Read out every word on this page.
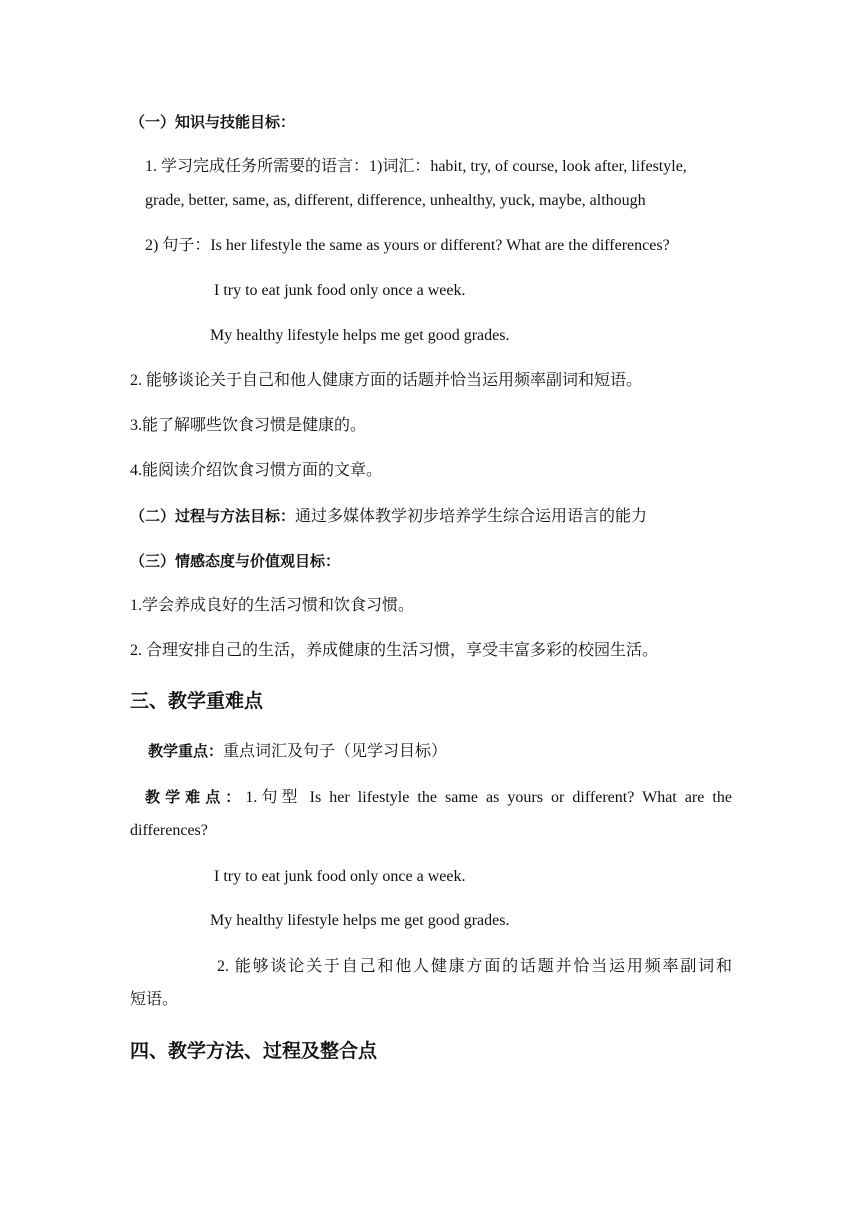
（一）知识与技能目标：
1. 学习完成任务所需要的语言：1)词汇：habit, try, of course, look after, lifestyle,
grade, better, same, as, different, difference, unhealthy, yuck, maybe, although
2) 句子：Is her lifestyle the same as yours or different? What are the differences?
I try to eat junk food only once a week.
My healthy lifestyle helps me get good grades.
2. 能够谈论关于自己和他人健康方面的话题并恰当运用频率副词和短语。
3.能了解哪些饮食习惯是健康的。
4.能阅读介绍饮食习惯方面的文章。
（二）过程与方法目标：通过多媒体教学初步培养学生综合运用语言的能力
（三）情感态度与价值观目标：
1.学会养成良好的生活习惯和饮食习惯。
2. 合理安排自己的生活，养成健康的生活习惯，享受丰富多彩的校园生活。
三、教学重难点
教学重点：重点词汇及句子（见学习目标）
教学难点：1.句型 Is her lifestyle the same as yours or different? What are the
differences?
I try to eat junk food only once a week.
My healthy lifestyle helps me get good grades.
2. 能够谈论关于自己和他人健康方面的话题并恰当运用频率副词和
短语。
四、教学方法、过程及整合点
